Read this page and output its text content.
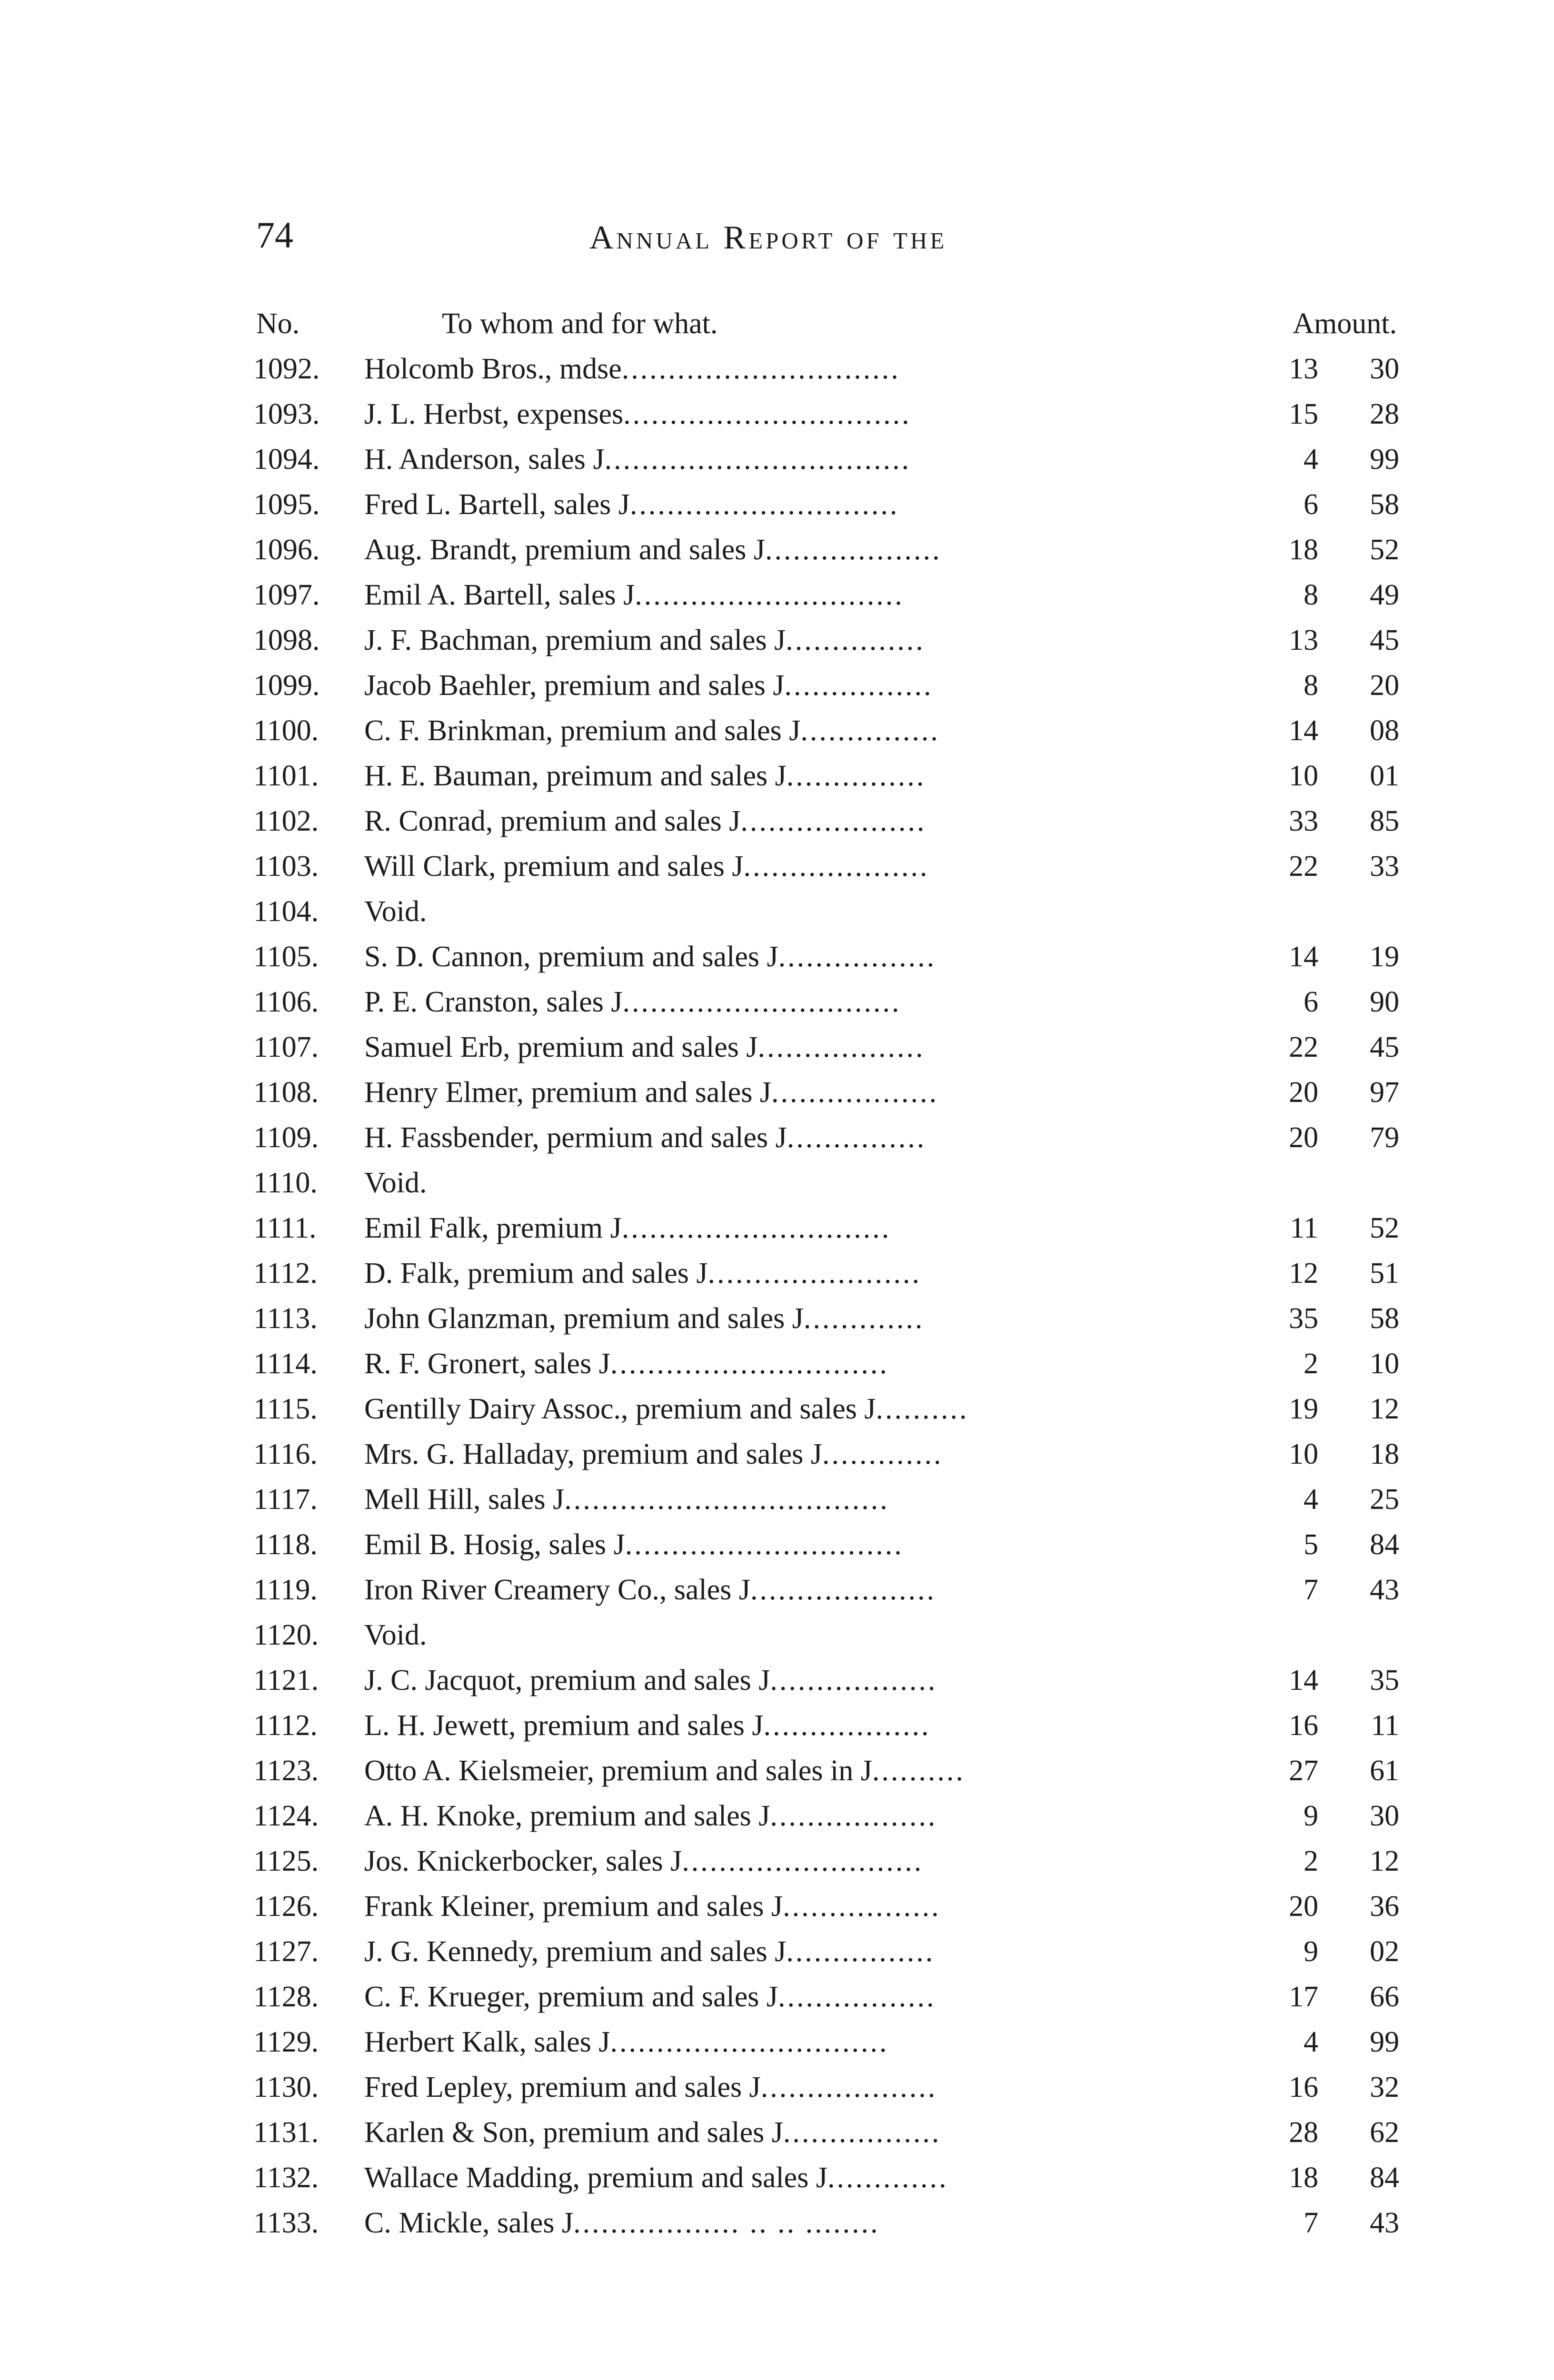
74	Annual Report of the
No.	To whom and for what.	Amount.
1092.	Holcomb Bros., mdse..............................	13	30
1093.	J. L. Herbst, expenses...............................	15	28
1094.	H. Anderson, sales J.................................	4	99
1095.	Fred L. Bartell, sales J.............................	6	58
1096.	Aug. Brandt, premium and sales J...................	18	52
1097.	Emil A. Bartell, sales J.............................	8	49
1098.	J. F. Bachman, premium and sales J...............	13	45
1099.	Jacob Baehler, premium and sales J................	8	20
1100.	C. F. Brinkman, premium and sales J...............	14	08
1101.	H. E. Bauman, preimum and sales J...............	10	01
1102.	R. Conrad, premium and sales J....................	33	85
1103.	Will Clark, premium and sales J....................	22	33
1104.	Void.
1105.	S. D. Cannon, premium and sales J.................	14	19
1106.	P. E. Cranston, sales J..............................	6	90
1107.	Samuel Erb, premium and sales J..................	22	45
1108.	Henry Elmer, premium and sales J..................	20	97
1109.	H. Fassbender, permium and sales J...............	20	79
1110.	Void.
1111.	Emil Falk, premium J.............................	11	52
1112.	D. Falk, premium and sales J.......................	12	51
1113.	John Glanzman, premium and sales J.............	35	58
1114.	R. F. Gronert, sales J..............................	2	10
1115.	Gentilly Dairy Assoc., premium and sales J..........	19	12
1116.	Mrs. G. Halladay, premium and sales J.............	10	18
1117.	Mell Hill, sales J...................................	4	25
1118.	Emil B. Hosig, sales J..............................	5	84
1119.	Iron River Creamery Co., sales J....................	7	43
1120.	Void.
1121.	J. C. Jacquot, premium and sales J..................	14	35
1112.	L. H. Jewett, premium and sales J..................	16	11
1123.	Otto A. Kielsmeier, premium and sales in J..........	27	61
1124.	A. H. Knoke, premium and sales J..................	9	30
1125.	Jos. Knickerbocker, sales J..........................	2	12
1126.	Frank Kleiner, premium and sales J.................	20	36
1127.	J. G. Kennedy, premium and sales J................	9	02
1128.	C. F. Krueger, premium and sales J.................	17	66
1129.	Herbert Kalk, sales J..............................	4	99
1130.	Fred Lepley, premium and sales J...................	16	32
1131.	Karlen & Son, premium and sales J.................	28	62
1132.	Wallace Madding, premium and sales J.............	18	84
1133.	C. Mickle, sales J.................. .. .. ........	7	43
